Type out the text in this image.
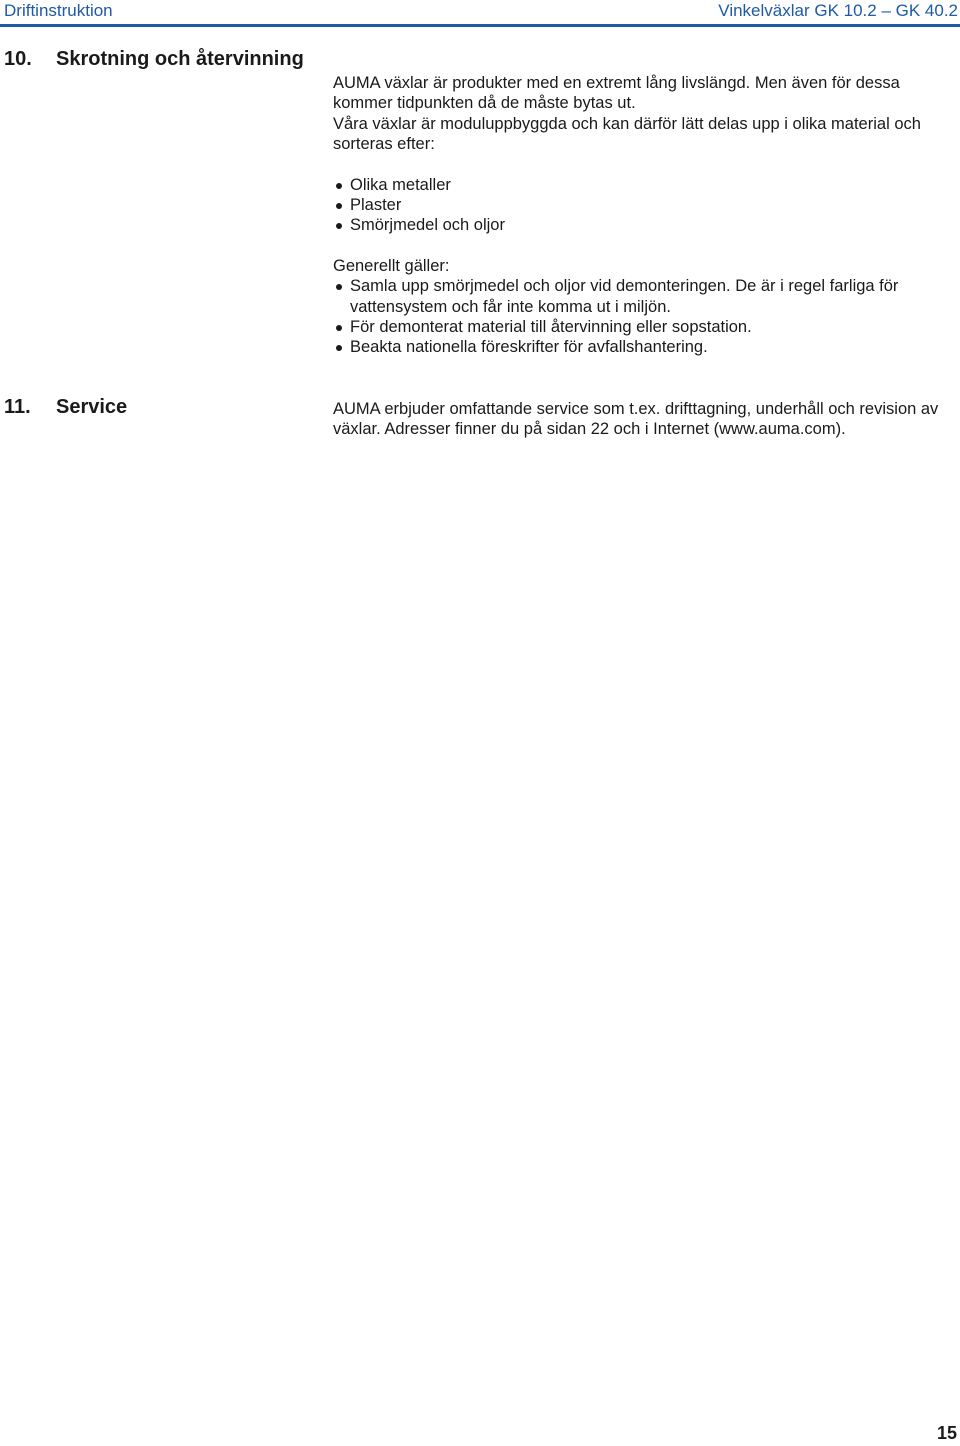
Driftinstruktion	Vinkelväxlar GK 10.2 – GK 40.2
10. Skrotning och återvinning

AUMA växlar är produkter med en extremt lång livslängd. Men även för dessa kommer tidpunkten då de måste bytas ut.

Våra växlar är moduluppbyggda och kan därför lätt delas upp i olika material och sorteras efter:

Olika metaller
Plaster
Smörjmedel och oljor

Generellt gäller:

Samla upp smörjmedel och oljor vid demonteringen. De är i regel farliga för vattensystem och får inte komma ut i miljön.
För demonterat material till återvinning eller sopstation.
Beakta nationella föreskrifter för avfallshantering.
11. Service	AUMA erbjuder omfattande service som t.ex. drifttagning, underhåll och revision av växlar. Adresser finner du på sidan 22 och i Internet (www.auma.com).

15
